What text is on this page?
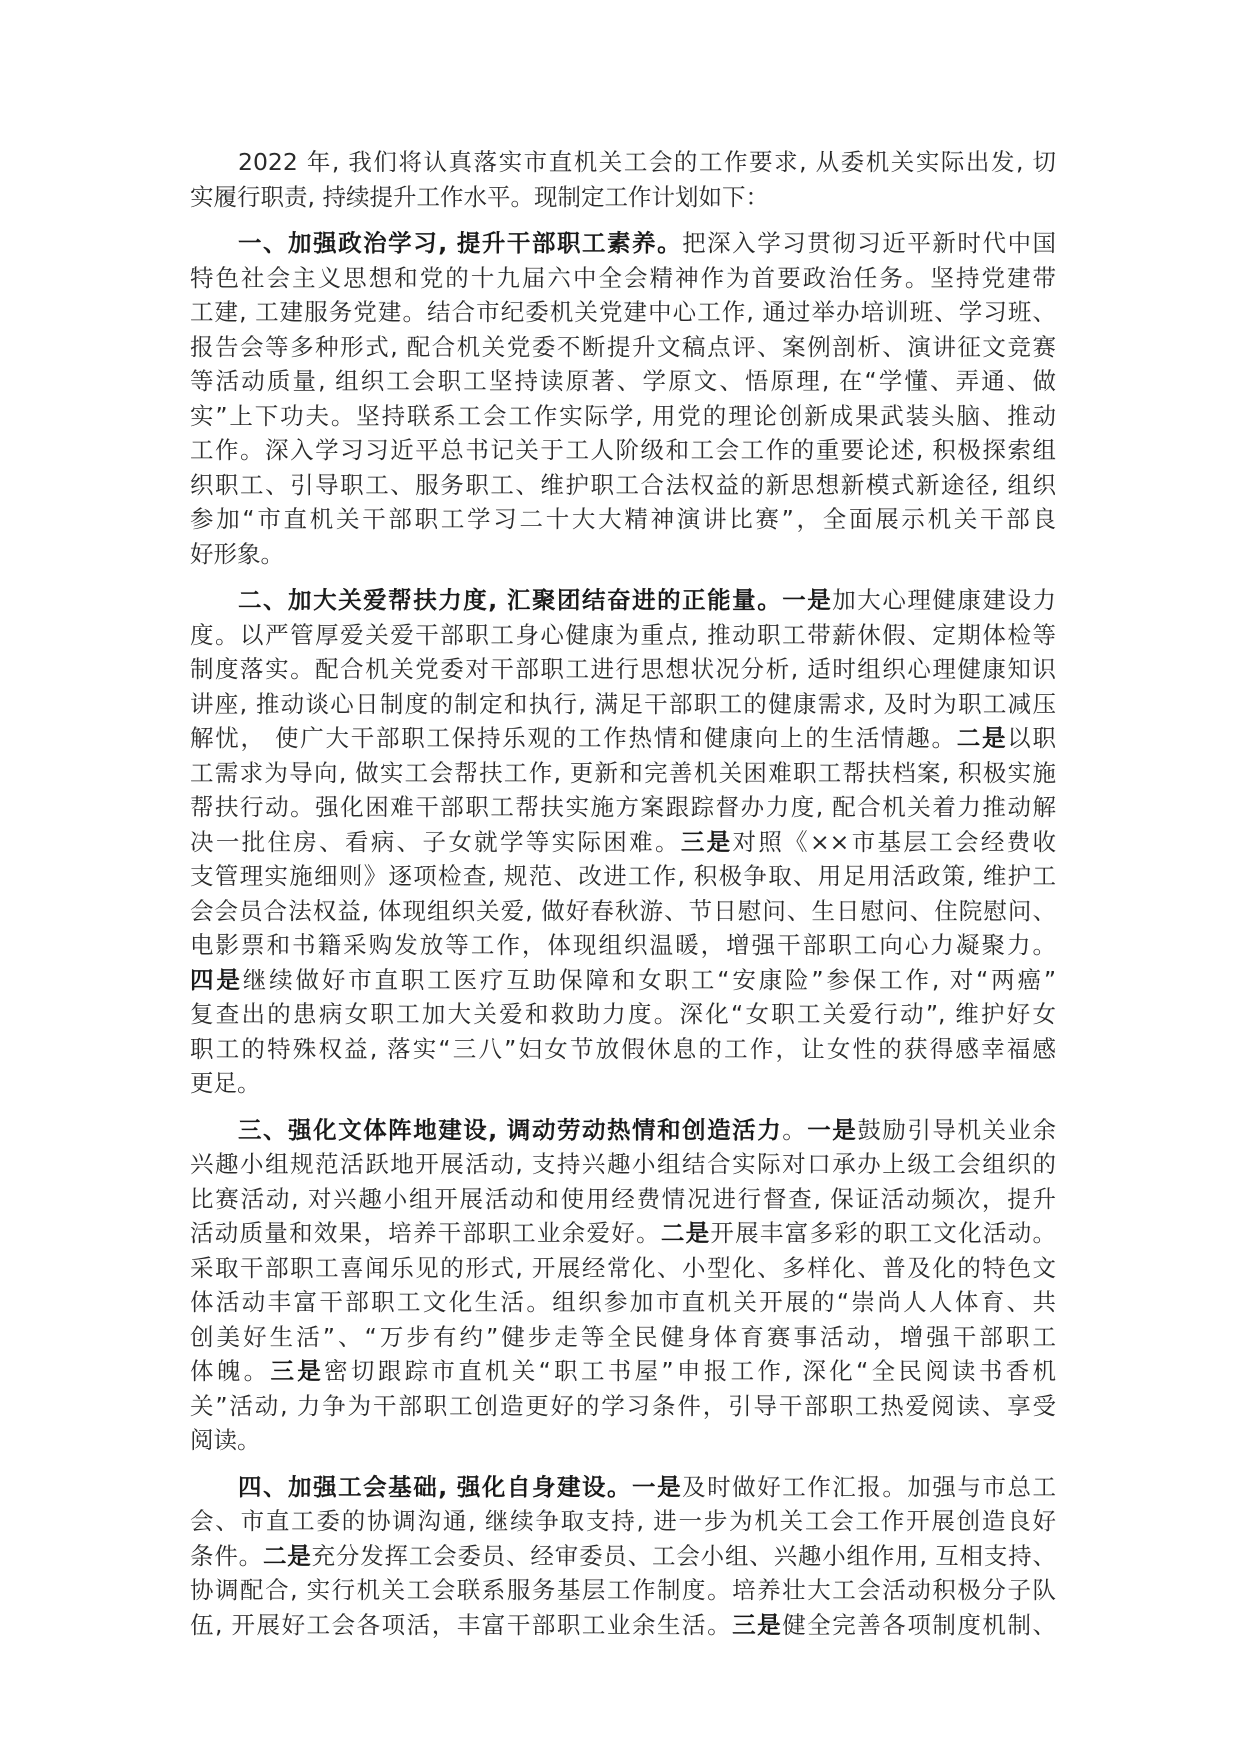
2022 年, 我们将认真落实市直机关工会的工作要求, 从委机关实际出发, 切
实履行职责, 持续提升工作水平。现制定工作计划如下：
一、加强政治学习, 提升干部职工素养。把深入学习贯彻习近平新时代中国
特色社会主义思想和党的十九届六中全会精神作为首要政治任务。坚持党建带
工建, 工建服务党建。结合市纪委机关党建中心工作, 通过举办培训班、学习班、
报告会等多种形式, 配合机关党委不断提升文稿点评、案例剖析、演讲征文竞赛
等活动质量, 组织工会职工坚持读原著、学原文、悟原理, 在“学懂、弄通、做
实”上下功夫。坚持联系工会工作实际学, 用党的理论创新成果武装头脑、推动
工作。深入学习习近平总书记关于工人阶级和工会工作的重要论述, 积极探索组
织职工、引导职工、服务职工、维护职工合法权益的新思想新模式新途径, 组织
参加“市直机关干部职工学习二十大大精神演讲比赛”，全面展示机关干部良
好形象。
二、加大关爱帮扶力度, 汇聚团结奋进的正能量。一是加大心理健康建设力
度。以严管厚爱关爱干部职工身心健康为重点, 推动职工带薪休假、定期体检等
制度落实。配合机关党委对干部职工进行思想状况分析, 适时组织心理健康知识
讲座, 推动谈心日制度的制定和执行, 满足干部职工的健康需求, 及时为职工减压
解忧， 使广大干部职工保持乐观的工作热情和健康向上的生活情趣。二是以职
工需求为导向, 做实工会帮扶工作, 更新和完善机关困难职工帮扶档案, 积极实施
帮扶行动。强化困难干部职工帮扶实施方案跟踪督办力度, 配合机关着力推动解
决一批住房、看病、子女就学等实际困难。三是对照《××市基层工会经费收
支管理实施细则》逐项检查, 规范、改进工作, 积极争取、用足用活政策, 维护工
会会员合法权益, 体现组织关爱, 做好春秋游、节日慰问、生日慰问、住院慰问、
电影票和书籍采购发放等工作，体现组织温暖，增强干部职工向心力凝聚力。
四是继续做好市直职工医疗互助保障和女职工“安康险”参保工作, 对“两癌”
复查出的患病女职工加大关爱和救助力度。深化“女职工关爱行动”, 维护好女
职工的特殊权益, 落实“三八”妇女节放假休息的工作，让女性的获得感幸福感
更足。
三、强化文体阵地建设, 调动劳动热情和创造活力。一是鼓励引导机关业余
兴趣小组规范活跃地开展活动, 支持兴趣小组结合实际对口承办上级工会组织的
比赛活动, 对兴趣小组开展活动和使用经费情况进行督查, 保证活动频次，提升
活动质量和效果，培养干部职工业余爱好。二是开展丰富多彩的职工文化活动。
采取干部职工喜闻乐见的形式, 开展经常化、小型化、多样化、普及化的特色文
体活动丰富干部职工文化生活。组织参加市直机关开展的“崇尚人人体育、共
创美好生活”、“万步有约”健步走等全民健身体育赛事活动，增强干部职工
体魄。三是密切跟踪市直机关“职工书屋”申报工作, 深化“全民阅读书香机
关”活动, 力争为干部职工创造更好的学习条件，引导干部职工热爱阅读、享受
阅读。
四、加强工会基础, 强化自身建设。一是及时做好工作汇报。加强与市总工
会、市直工委的协调沟通, 继续争取支持, 进一步为机关工会工作开展创造良好
条件。二是充分发挥工会委员、经审委员、工会小组、兴趣小组作用, 互相支持、
协调配合, 实行机关工会联系服务基层工作制度。培养壮大工会活动积极分子队
伍, 开展好工会各项活，丰富干部职工业余生活。三是健全完善各项制度机制、
